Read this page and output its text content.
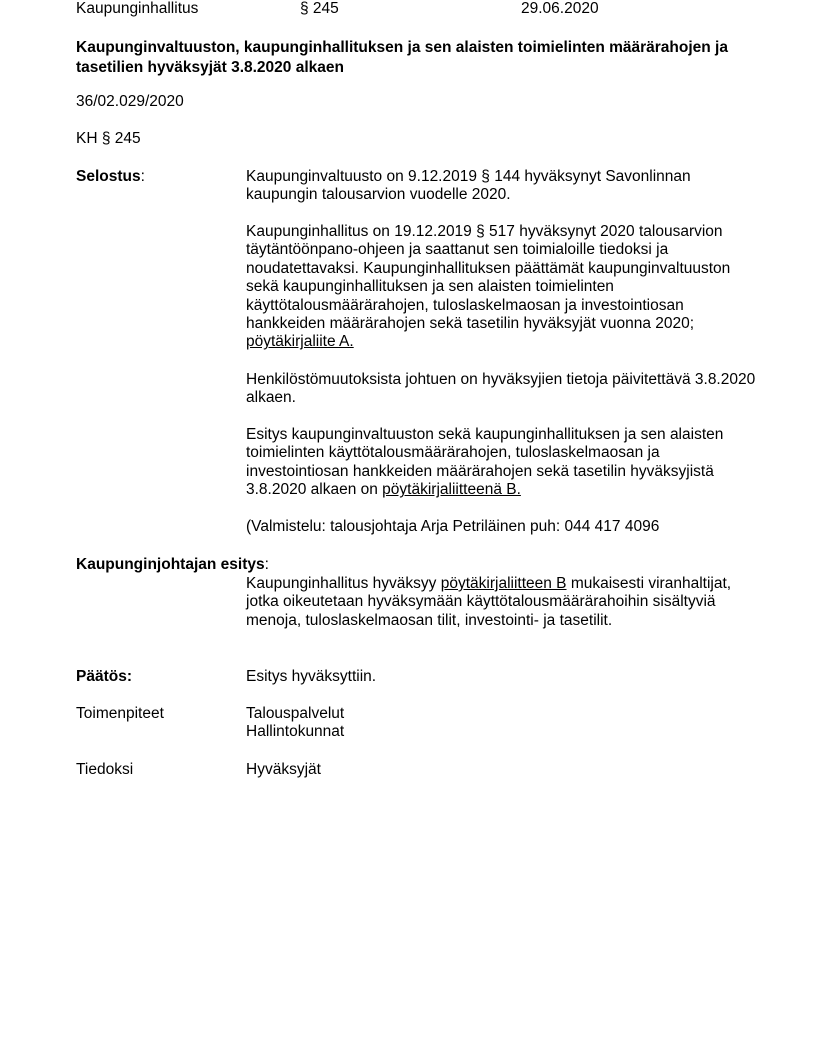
Kaupunginhallitus	§ 245	29.06.2020
Kaupunginvaltuuston, kaupunginhallituksen ja sen alaisten toimielinten määrärahojen ja tasetilien hyväksyjät 3.8.2020 alkaen
36/02.029/2020
KH § 245
Selostus:	Kaupunginvaltuusto on 9.12.2019 § 144 hyväksynyt Savonlinnan kaupungin talousarvion vuodelle 2020.
Kaupunginhallitus on 19.12.2019 § 517 hyväksynyt 2020 talousarvion täytäntöönpano-ohjeen ja saattanut sen toimialoille tiedoksi ja noudatettavaksi. Kaupunginhallituksen päättämät kaupunginvaltuuston sekä kaupunginhallituksen ja sen alaisten toimielinten käyttötalousmäärärahojen, tuloslaskelmaosan ja investointiosan hankkeiden määrärahojen sekä tasetilin hyväksyjät vuonna 2020; pöytäkirjaliite A.
Henkilöstömuutoksista johtuen on hyväksyjien tietoja päivitettävä 3.8.2020 alkaen.
Esitys kaupunginvaltuuston sekä kaupunginhallituksen ja sen alaisten toimielinten käyttötalousmäärärahojen, tuloslaskelmaosan ja investointiosan hankkeiden määrärahojen sekä tasetilin hyväksyjistä 3.8.2020 alkaen on pöytäkirjaliitteenä B.
(Valmistelu: talousjohtaja Arja Petriläinen puh: 044 417 4096
Kaupunginjohtajan esitys:
Kaupunginhallitus hyväksyy pöytäkirjaliitteen B mukaisesti viranhaltijat, jotka oikeutetaan hyväksymään käyttötalousmäärärahoihin sisältyviä menoja, tuloslaskelmaosan tilit, investointi- ja tasetilit.
Päätös:	Esitys hyväksyttiin.
Toimenpiteet	Talouspalvelut
Hallintokunnat
Tiedoksi	Hyväksyjät
